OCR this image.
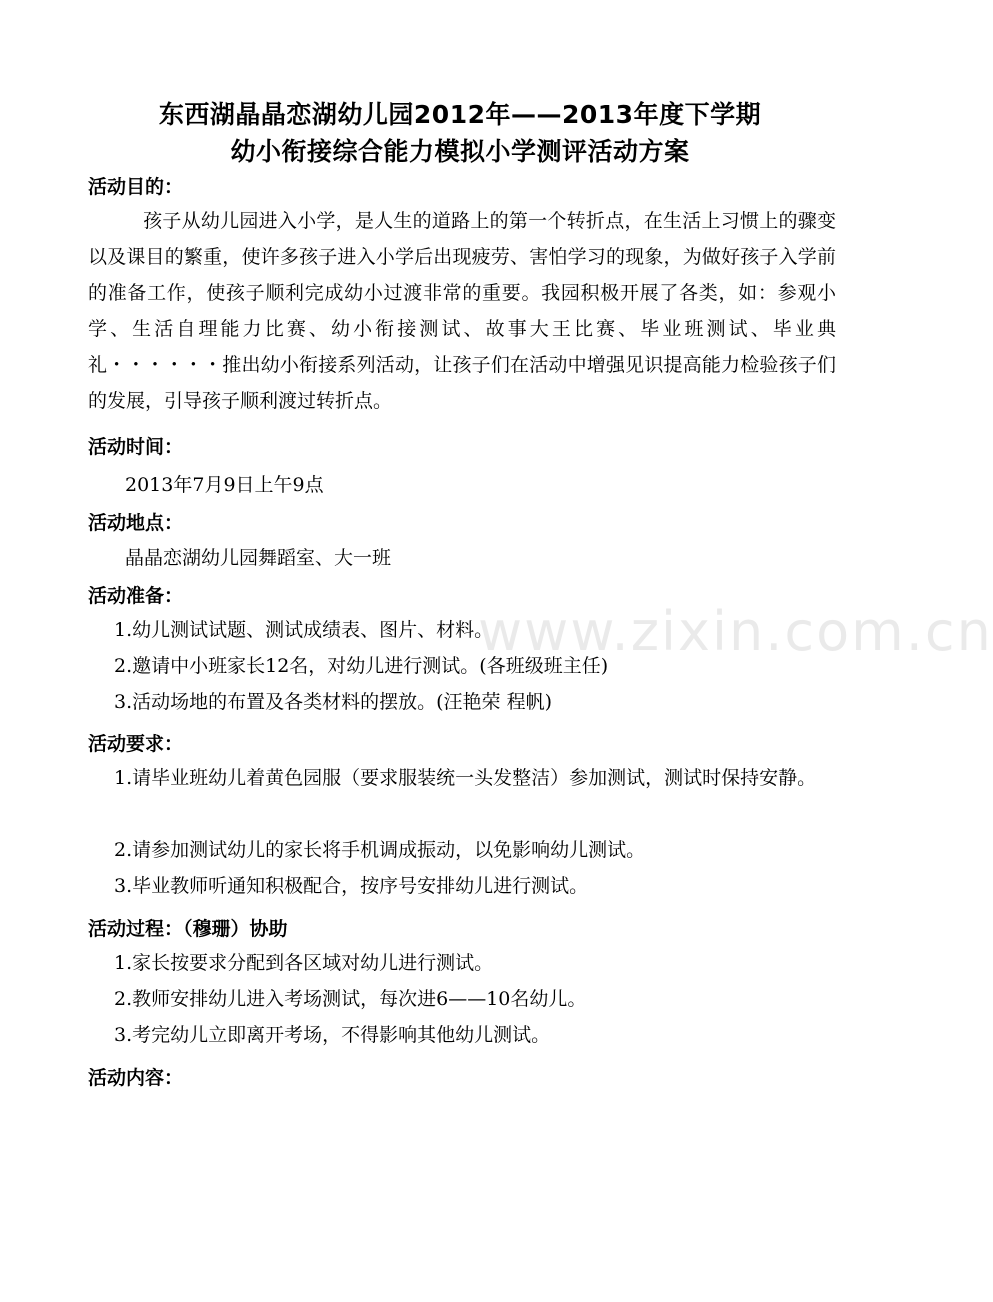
东西湖晶晶恋湖幼儿园2012年——2013年度下学期
幼小衔接综合能力模拟小学测评活动方案
www.zixin.com.cn
活动目的：

孩子从幼儿园进入小学，是人生的道路上的第一个转折点，在生活上习惯上的骤变以及课目的繁重，使许多孩子进入小学后出现疲劳、害怕学习的现象，为做好孩子入学前的准备工作，使孩子顺利完成幼小过渡非常的重要。我园积极开展了各类，如：参观小学、生活自理能力比赛、幼小衔接测试、故事大王比赛、毕业班测试、毕业典礼・・・・・・推出幼小衔接系列活动，让孩子们在活动中增强见识提高能力检验孩子们的发展，引导孩子顺利渡过转折点。

活动时间：
2013年7月9日上午9点
活动地点：
晶晶恋湖幼儿园舞蹈室、大一班
活动准备：

1.幼儿测试试题、测试成绩表、图片、材料。

2.邀请中小班家长12名，对幼儿进行测试。(各班级班主任)

3.活动场地的布置及各类材料的摆放。(汪艳荣 程帆)

活动要求：

1.请毕业班幼儿着黄色园服（要求服装统一头发整洁）参加测试，测试时保持安静。

2.请参加测试幼儿的家长将手机调成振动，以免影响幼儿测试。

3.毕业教师听通知积极配合，按序号安排幼儿进行测试。

活动过程：（穆珊）协助

1.家长按要求分配到各区域对幼儿进行测试。

2.教师安排幼儿进入考场测试，每次进6——10名幼儿。

3.考完幼儿立即离开考场，不得影响其他幼儿测试。

活动内容：
